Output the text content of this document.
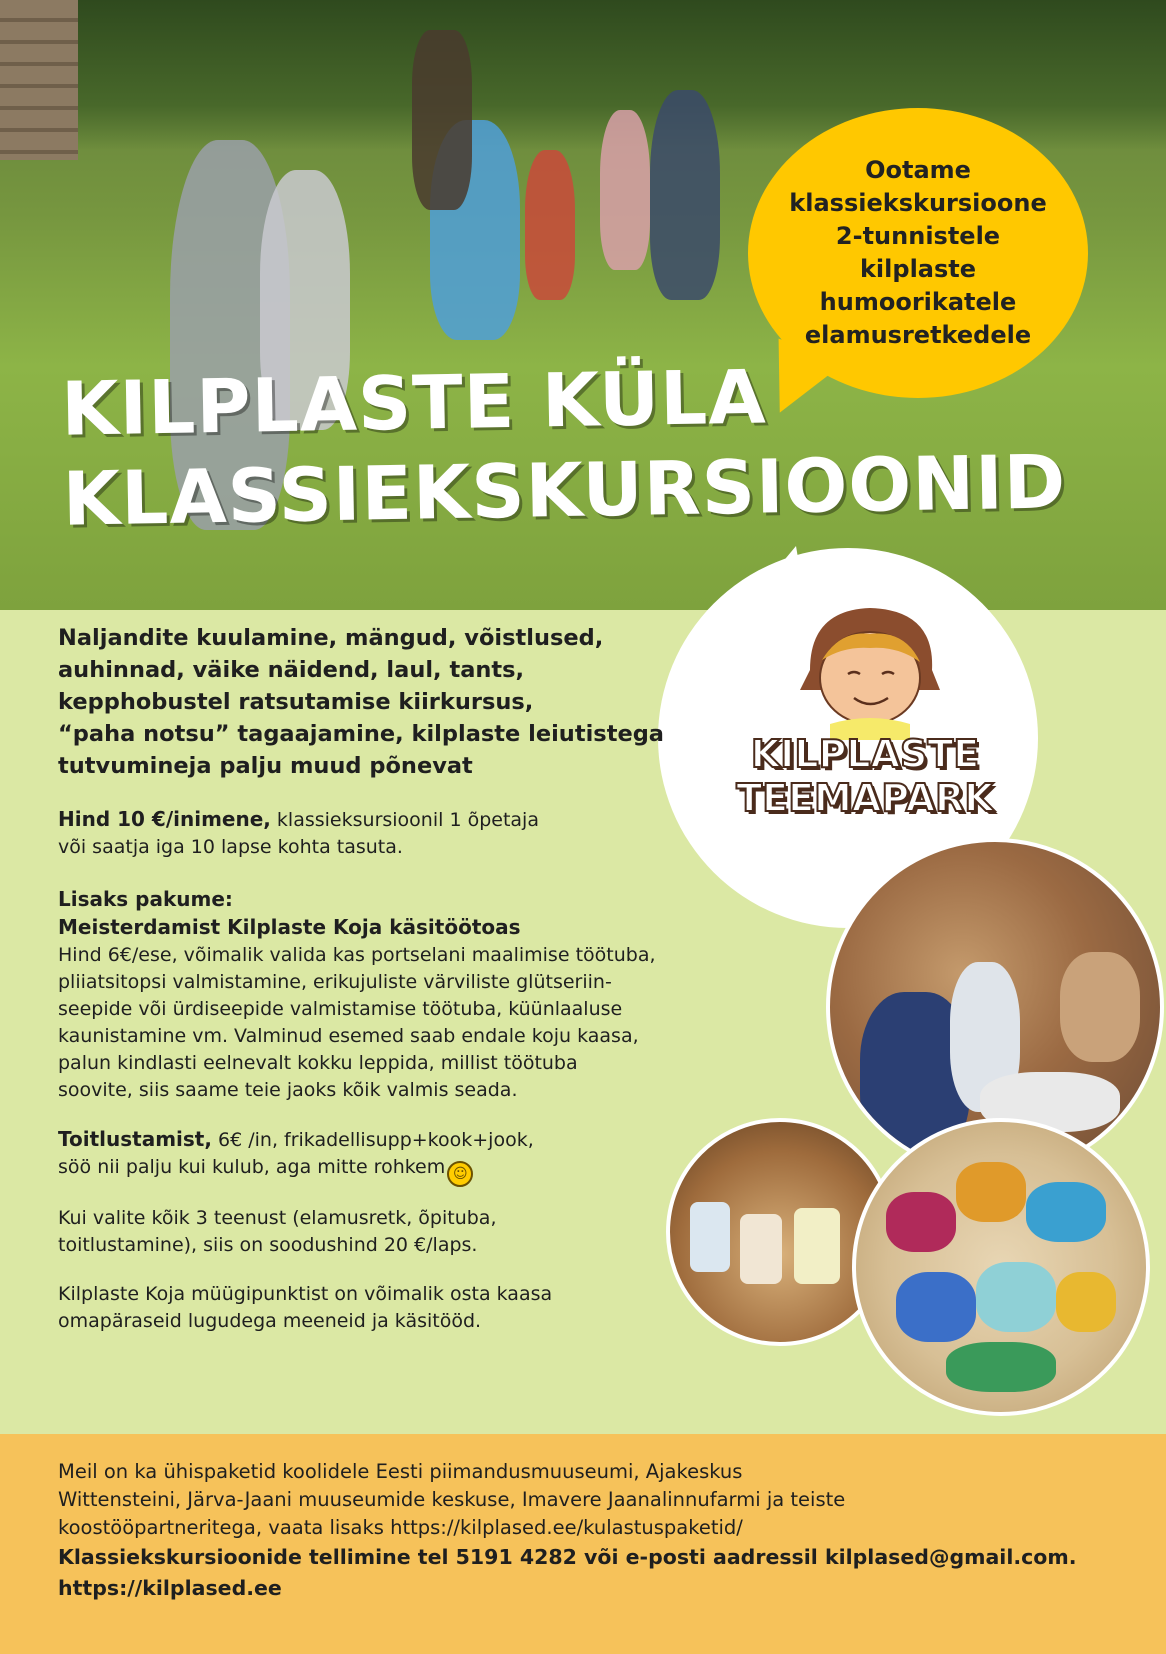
KILPLASTE KÜLA
KLASSIEKSKURSIOONID
Ootame
klassiekskursioone
2-tunnistele
kilplaste
humoorikatele
elamusretkedele
KILPLASTE
TEEMAPARK

Naljandite kuulamine, mängud, võistlused,
auhinnad, väike näidend, laul, tants,
kepphobustel ratsutamise kiirkursus,
“paha notsu” tagaajamine, kilplaste leiutistega
tutvumineja palju muud põnevat

Hind 10 €/inimene, klassieksursioonil 1 õpetaja
või saatja iga 10 lapse kohta tasuta.

Lisaks pakume:
Meisterdamist Kilplaste Koja käsitöötoas
Hind 6€/ese, võimalik valida kas portselani maalimise töötuba,
pliiatsitopsi valmistamine, erikujuliste värviliste glütseriin-
seepide või ürdiseepide valmistamise töötuba, küünlaaluse
kaunistamine vm. Valminud esemed saab endale koju kaasa,
palun kindlasti eelnevalt kokku leppida, millist töötuba
soovite, siis saame teie jaoks kõik valmis seada.

Toitlustamist, 6€ /in, frikadellisupp+kook+jook,
söö nii palju kui kulub, aga mitte rohkem ☺

Kui valite kõik 3 teenust (elamusretk, õpituba,
toitlustamine), siis on soodushind 20 €/laps.

Kilplaste Koja müügipunktist on võimalik osta kaasa
omapäraseid lugudega meeneid ja käsitööd.

Meil on ka ühispaketid koolidele Eesti piimandusmuuseumi, Ajakeskus
Wittensteini, Järva-Jaani muuseumide keskuse, Imavere Jaanalinnufarmi ja teiste
koostööpartneritega, vaata lisaks https://kilplased.ee/kulastuspaketid/

Klassiekskursioonide tellimine tel 5191 4282 või e-posti aadressil kilplased@gmail.com.

https://kilplased.ee
